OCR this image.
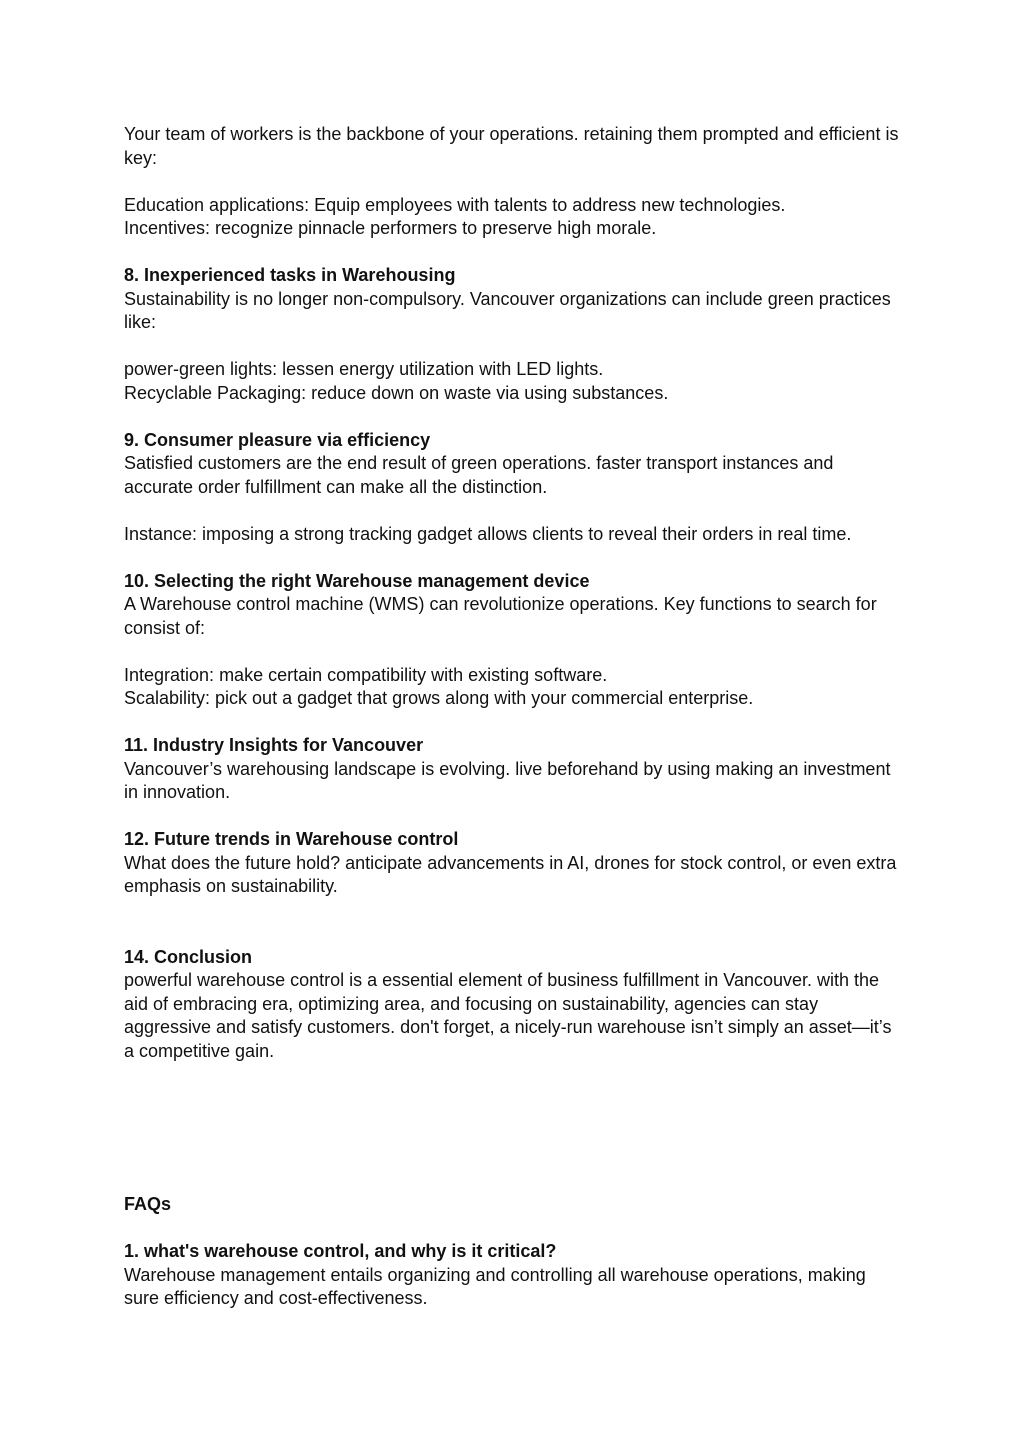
Your team of workers is the backbone of your operations. retaining them prompted and efficient is key:

Education applications: Equip employees with talents to address new technologies.

Incentives: recognize pinnacle performers to preserve high morale.

8. Inexperienced tasks in Warehousing

Sustainability is no longer non-compulsory. Vancouver organizations can include green practices like:

power-green lights: lessen energy utilization with LED lights.

Recyclable Packaging: reduce down on waste via using substances.

9. Consumer pleasure via efficiency

Satisfied customers are the end result of green operations. faster transport instances and accurate order fulfillment can make all the distinction.

Instance: imposing a strong tracking gadget allows clients to reveal their orders in real time.

10. Selecting the right Warehouse management device

A Warehouse control machine (WMS) can revolutionize operations. Key functions to search for consist of:

Integration: make certain compatibility with existing software.

Scalability: pick out a gadget that grows along with your commercial enterprise.

11. Industry Insights for Vancouver

Vancouver’s warehousing landscape is evolving. live beforehand by using making an investment in innovation.

12. Future trends in Warehouse control

What does the future hold? anticipate advancements in AI, drones for stock control, or even extra emphasis on sustainability.

14. Conclusion

powerful warehouse control is a essential element of business fulfillment in Vancouver. with the aid of embracing era, optimizing area, and focusing on sustainability, agencies can stay aggressive and satisfy customers. don't forget, a nicely-run warehouse isn’t simply an asset—it’s a competitive gain.

FAQs

1. what's warehouse control, and why is it critical?

Warehouse management entails organizing and controlling all warehouse operations, making sure efficiency and cost-effectiveness.
